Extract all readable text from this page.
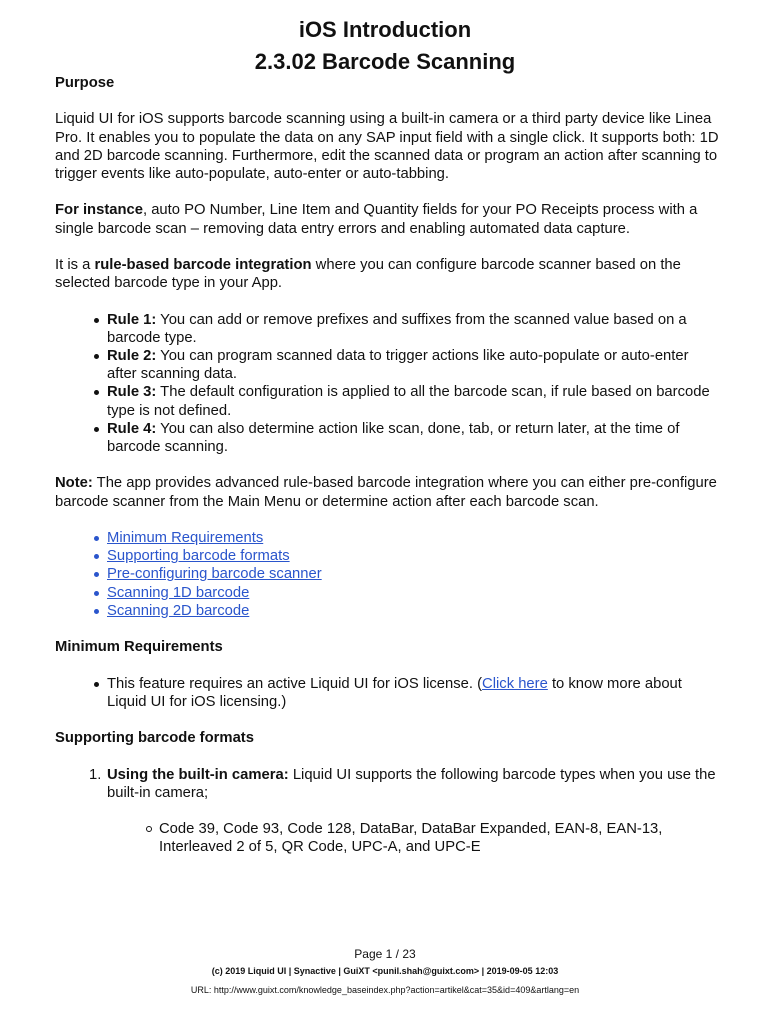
iOS Introduction
2.3.02 Barcode Scanning

Purpose

Liquid UI for iOS supports barcode scanning using a built-in camera or a third party device like Linea Pro. It enables you to populate the data on any SAP input field with a single click. It supports both: 1D and 2D barcode scanning. Furthermore, edit the scanned data or program an action after scanning to trigger events like auto-populate, auto-enter or auto-tabbing.

For instance, auto PO Number, Line Item and Quantity fields for your PO Receipts process with a single barcode scan – removing data entry errors and enabling automated data capture.

It is a rule-based barcode integration where you can configure barcode scanner based on the selected barcode type in your App.

Rule 1: You can add or remove prefixes and suffixes from the scanned value based on a barcode type.
Rule 2: You can program scanned data to trigger actions like auto-populate or auto-enter after scanning data.
Rule 3: The default configuration is applied to all the barcode scan, if rule based on barcode type is not defined.
Rule 4: You can also determine action like scan, done, tab, or return later, at the time of barcode scanning.

Note: The app provides advanced rule-based barcode integration where you can either pre-configure barcode scanner from the Main Menu or determine action after each barcode scan.

Minimum Requirements
Supporting barcode formats
Pre-configuring barcode scanner
Scanning 1D barcode
Scanning 2D barcode

Minimum Requirements

This feature requires an active Liquid UI for iOS license. (Click here to know more about Liquid UI for iOS licensing.)

Supporting barcode formats

1. Using the built-in camera: Liquid UI supports the following barcode types when you use the built-in camera;
Code 39, Code 93, Code 128, DataBar, DataBar Expanded, EAN-8, EAN-13, Interleaved 2 of 5, QR Code, UPC-A, and UPC-E
Page 1 / 23
(c) 2019 Liquid UI | Synactive | GuiXT <punil.shah@guixt.com> | 2019-09-05 12:03
URL: http://www.guixt.com/knowledge_baseindex.php?action=artikel&cat=35&id=409&artlang=en
